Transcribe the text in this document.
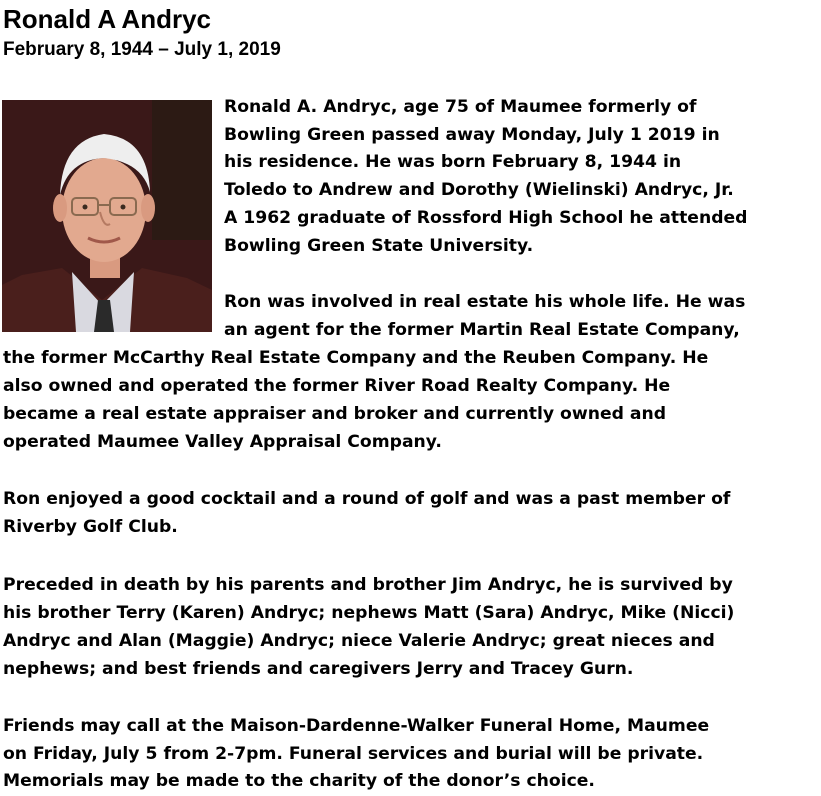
Ronald A Andryc
February 8, 1944 – July 1, 2019
Ronald A. Andryc, age 75 of Maumee formerly of
Bowling Green passed away Monday, July 1 2019 in
his residence. He was born February 8, 1944 in
Toledo to Andrew and Dorothy (Wielinski) Andryc, Jr.
A 1962 graduate of Rossford High School he attended
Bowling Green State University.
Ron was involved in real estate his whole life. He was
an agent for the former Martin Real Estate Company,
the former McCarthy Real Estate Company and the Reuben Company. He
also owned and operated the former River Road Realty Company. He
became a real estate appraiser and broker and currently owned and
operated Maumee Valley Appraisal Company.
Ron enjoyed a good cocktail and a round of golf and was a past member of
Riverby Golf Club.
Preceded in death by his parents and brother Jim Andryc, he is survived by
his brother Terry (Karen) Andryc; nephews Matt (Sara) Andryc, Mike (Nicci)
Andryc and Alan (Maggie) Andryc; niece Valerie Andryc; great nieces and
nephews; and best friends and caregivers Jerry and Tracey Gurn.
Friends may call at the Maison-Dardenne-Walker Funeral Home, Maumee
on Friday, July 5 from 2-7pm. Funeral services and burial will be private.
Memorials may be made to the charity of the donor’s choice.
